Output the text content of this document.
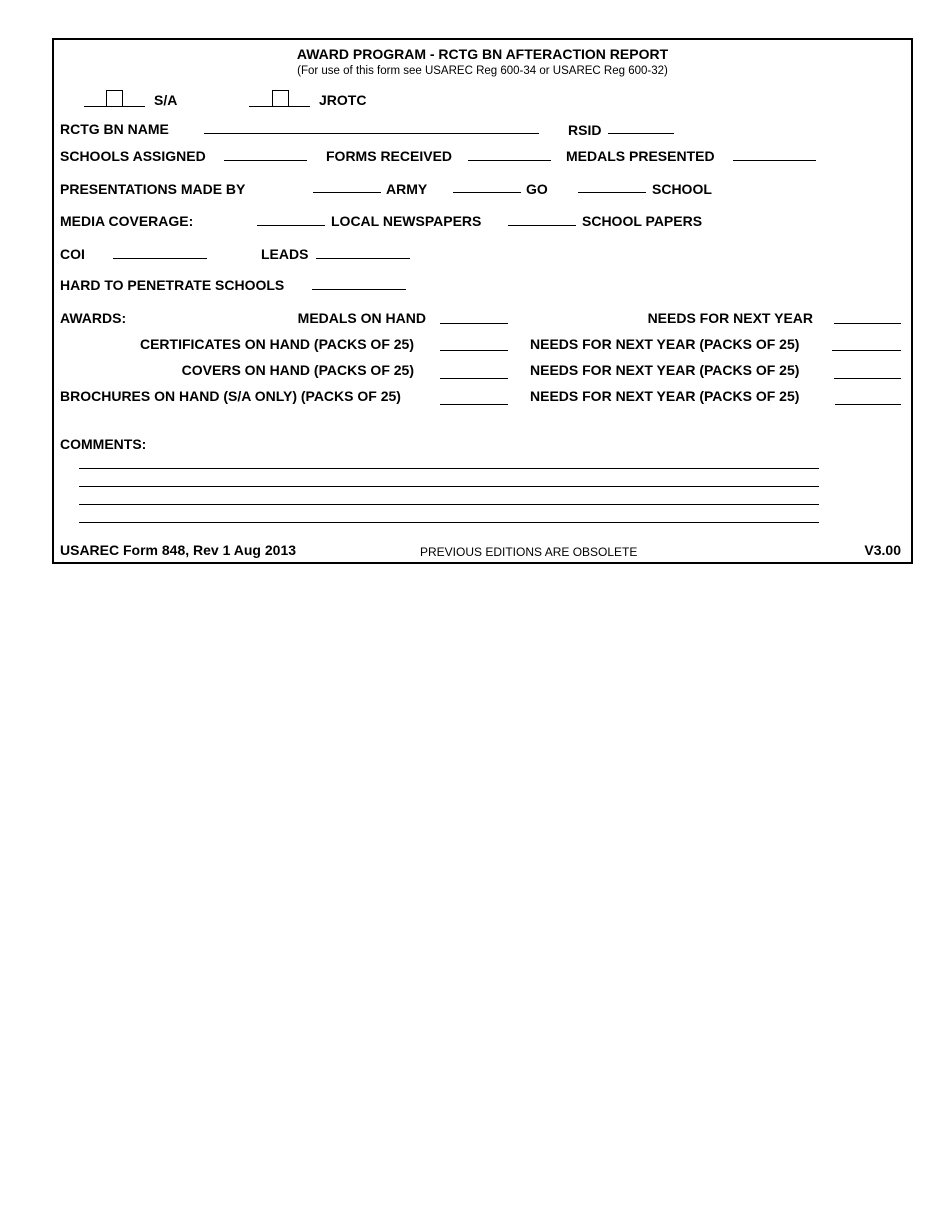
AWARD PROGRAM - RCTG BN AFTERACTION REPORT
(For use of this form see USAREC Reg 600-34 or USAREC Reg 600-32)
S/A	JROTC
RCTG BN NAME	RSID
SCHOOLS ASSIGNED	FORMS RECEIVED	MEDALS PRESENTED
PRESENTATIONS MADE BY	ARMY	GO	SCHOOL
MEDIA COVERAGE:	LOCAL NEWSPAPERS	SCHOOL PAPERS
COI	LEADS
HARD TO PENETRATE SCHOOLS
AWARDS:	MEDALS ON HAND	NEEDS FOR NEXT YEAR
CERTIFICATES ON HAND (PACKS OF 25)	NEEDS FOR NEXT YEAR (PACKS OF 25)
COVERS ON HAND (PACKS OF 25)	NEEDS FOR NEXT YEAR (PACKS OF 25)
BROCHURES ON HAND (S/A ONLY) (PACKS OF 25)	NEEDS FOR NEXT YEAR (PACKS OF 25)
COMMENTS:
USAREC Form 848, Rev 1 Aug 2013	PREVIOUS EDITIONS ARE OBSOLETE	V3.00
